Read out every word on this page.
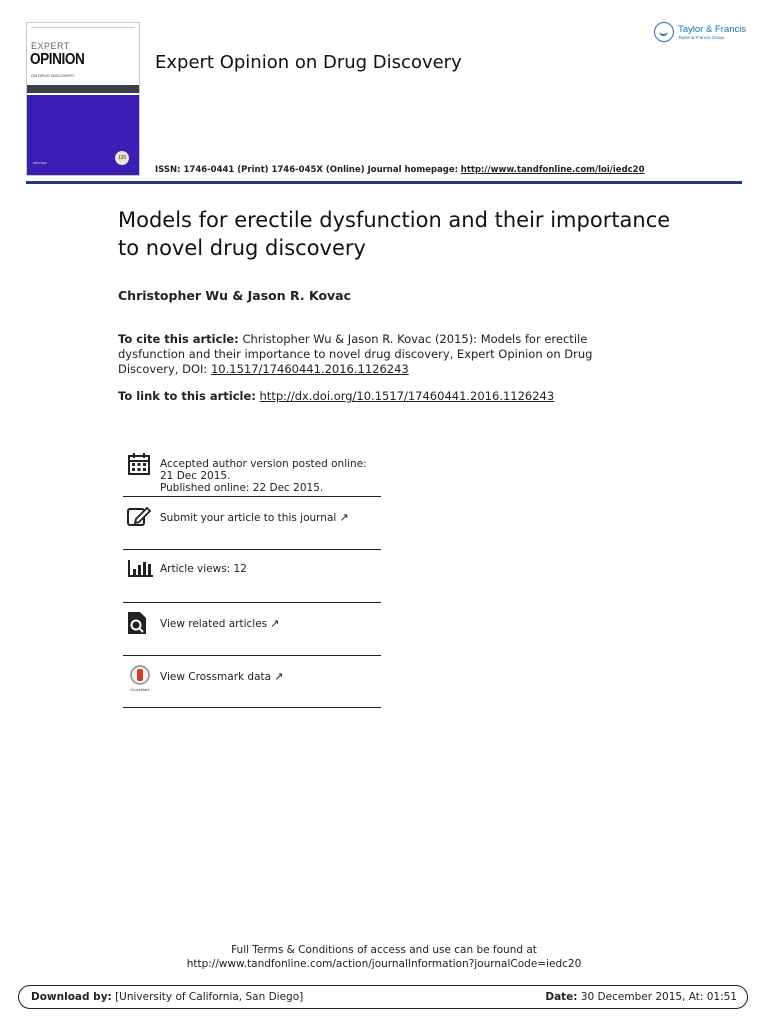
EXPERT
OPINION
ON DRUG DISCOVERY
informa
120
Expert Opinion on Drug Discovery
ISSN: 1746-0441 (Print) 1746-045X (Online) Journal homepage: http://www.tandfonline.com/loi/iedc20
Taylor & Francis
Taylor & Francis Group
Models for erectile dysfunction and their importance to novel drug discovery
Christopher Wu & Jason R. Kovac
To cite this article: Christopher Wu & Jason R. Kovac (2015): Models for erectile dysfunction and their importance to novel drug discovery, Expert Opinion on Drug Discovery, DOI: 10.1517/17460441.2016.1126243
To link to this article: http://dx.doi.org/10.1517/17460441.2016.1126243
Accepted author version posted online: 21 Dec 2015.
Published online: 22 Dec 2015.
Submit your article to this journal ↗
Article views: 12
View related articles ↗
CrossMark
View Crossmark data ↗
Full Terms & Conditions of access and use can be found at
http://www.tandfonline.com/action/journalInformation?journalCode=iedc20
Download by: [University of California, San Diego]	Date: 30 December 2015, At: 01:51
